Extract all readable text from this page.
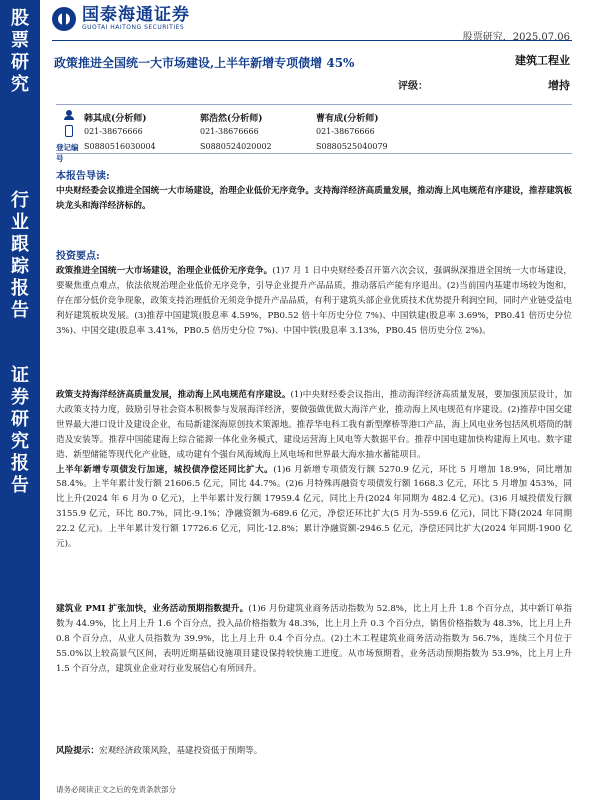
股
票
研
究
行
业
跟
踪
报
告
证
券
研
究
报
告
国泰海通证券
GUOTAI HAITONG SECURITIES
股票研究．2025.07.06
政策推进全国统一大市场建设,上半年新增专项债增 45%	建筑工程业
评级：	增持
韩其成(分析师)	郭浩然(分析师)	曹有成(分析师)
021-38676666	021-38676666	021-38676666
登记编号
S0880516030004	S0880524020002	S0880525040079
本报告导读:
中央财经委会议推进全国统一大市场建设，治理企业低价无序竞争。支持海洋经济高质量发展，推动海上风电规范有序建设，推荐建筑板块龙头和海洋经济标的。
投资要点:
政策推进全国统一大市场建设，治理企业低价无序竞争。(1)7 月 1 日中央财经委召开第六次会议，强调纵深推进全国统一大市场建设，要聚焦重点难点，依法依规治理企业低价无序竞争，引导企业提升产品品质，推动落后产能有序退出。(2)当前国内基建市场较为饱和，存在部分低价竞争现象，政策支持治理低价无须竞争提升产品品质，有利于建筑头部企业优质技术优势提升利润空间，同时产业链受益电利好建筑板块发展。(3)推荐中国建筑(股息率 4.59%，PB0.52 倍十年历史分位 7%)、中国铁建(股息率 3.69%，PB0.41 倍历史分位 3%)、中国交建(股息率 3.41%，PB0.5 倍历史分位 7%)、中国中铁(股息率 3.13%，PB0.45 倍历史分位 2%)。
政策支持海洋经济高质量发展，推动海上风电规范有序建设。(1)中央财经委会议指出，推动海洋经济高质量发展，要加强顶层设计，加大政策支持力度，鼓励引导社会资本积极参与发展海洋经济，要做强做优做大海洋产业，推动海上风电规范有序建设。(2)推荐中国交建世界最大港口设计及建设企业，布局新建深海原创技术策源地。推荐华电科工我有新型摩桥等港口产品，海上风电业务包括风机塔筒的制造及安装等。推荐中国能建海上综合能源一体化业务模式，建设运营海上风电等大数据平台。推荐中国电建加快构建海上风电、数字建造、新型储能等现代化产业链，成功建有个强台风海域海上风电场和世界最大海水抽水蓄能项目。
上半年新增专项债发行加速，城投债净偿还同比扩大。(1)6 月新增专项债发行额 5270.9 亿元，环比 5 月增加 18.9%，同比增加 58.4%。上半年累计发行额 21606.5 亿元，同比 44.7%。(2)6 月特殊再融资专项债发行额 1668.3 亿元，环比 5 月增加 453%，同比上升(2024 年 6 月为 0 亿元)，上半年累计发行额 17959.4 亿元，同比上升(2024 年同期为 482.4 亿元)。(3)6 月城投债发行额 3155.9 亿元，环比 80.7%，同比-9.1%；净融资额为-689.6 亿元，净偿还环比扩大(5 月为-559.6 亿元)，同比下降(2024 年同期 22.2 亿元)。上半年累计发行额 17726.6 亿元，同比-12.8%；累计净融资额-2946.5 亿元，净偿还同比扩大(2024 年同期-1900 亿元)。
建筑业 PMI 扩张加快，业务活动预期指数提升。(1)6 月份建筑业商务活动指数为 52.8%，比上月上升 1.8 个百分点，其中新订单指数为 44.9%，比上月上升 1.6 个百分点，投入品价格指数为 48.3%，比上月上升 0.3 个百分点，销售价格指数为 48.3%，比上月上升 0.8 个百分点，从业人员指数为 39.9%，比上月上升 0.4 个百分点。(2)土木工程建筑业商务活动指数为 56.7%，连续三个月位于 55.0%以上较高景气区间，表明近期基础设施项目建设保持较快施工进度。从市场预期看，业务活动预期指数为 53.9%，比上月上升 1.5 个百分点，建筑业企业对行业发展信心有所回升。
风险提示：宏观经济政策风险，基建投资低于预期等。
请务必阅读正文之后的免责条款部分
